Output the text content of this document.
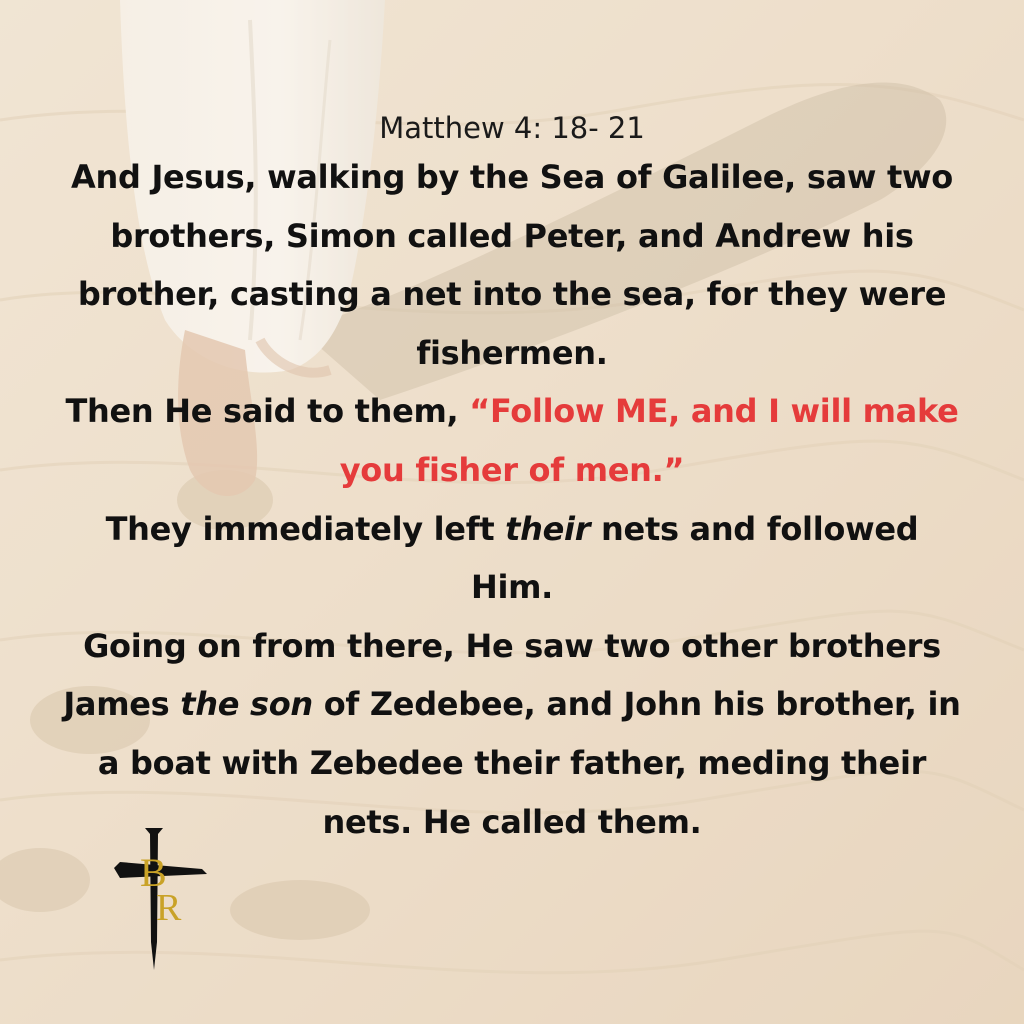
Matthew 4: 18- 21

And Jesus, walking by the Sea of Galilee, saw two brothers, Simon called Peter, and Andrew his brother, casting a net into the sea, for they were fishermen.

Then He said to them, “Follow ME, and I will make you fisher of men.”

They immediately left their nets and followed Him.

Going on from there, He saw two other brothers James the son of Zedebee, and John his brother, in a boat with Zebedee their father, meding their nets. He called them.

B
R
